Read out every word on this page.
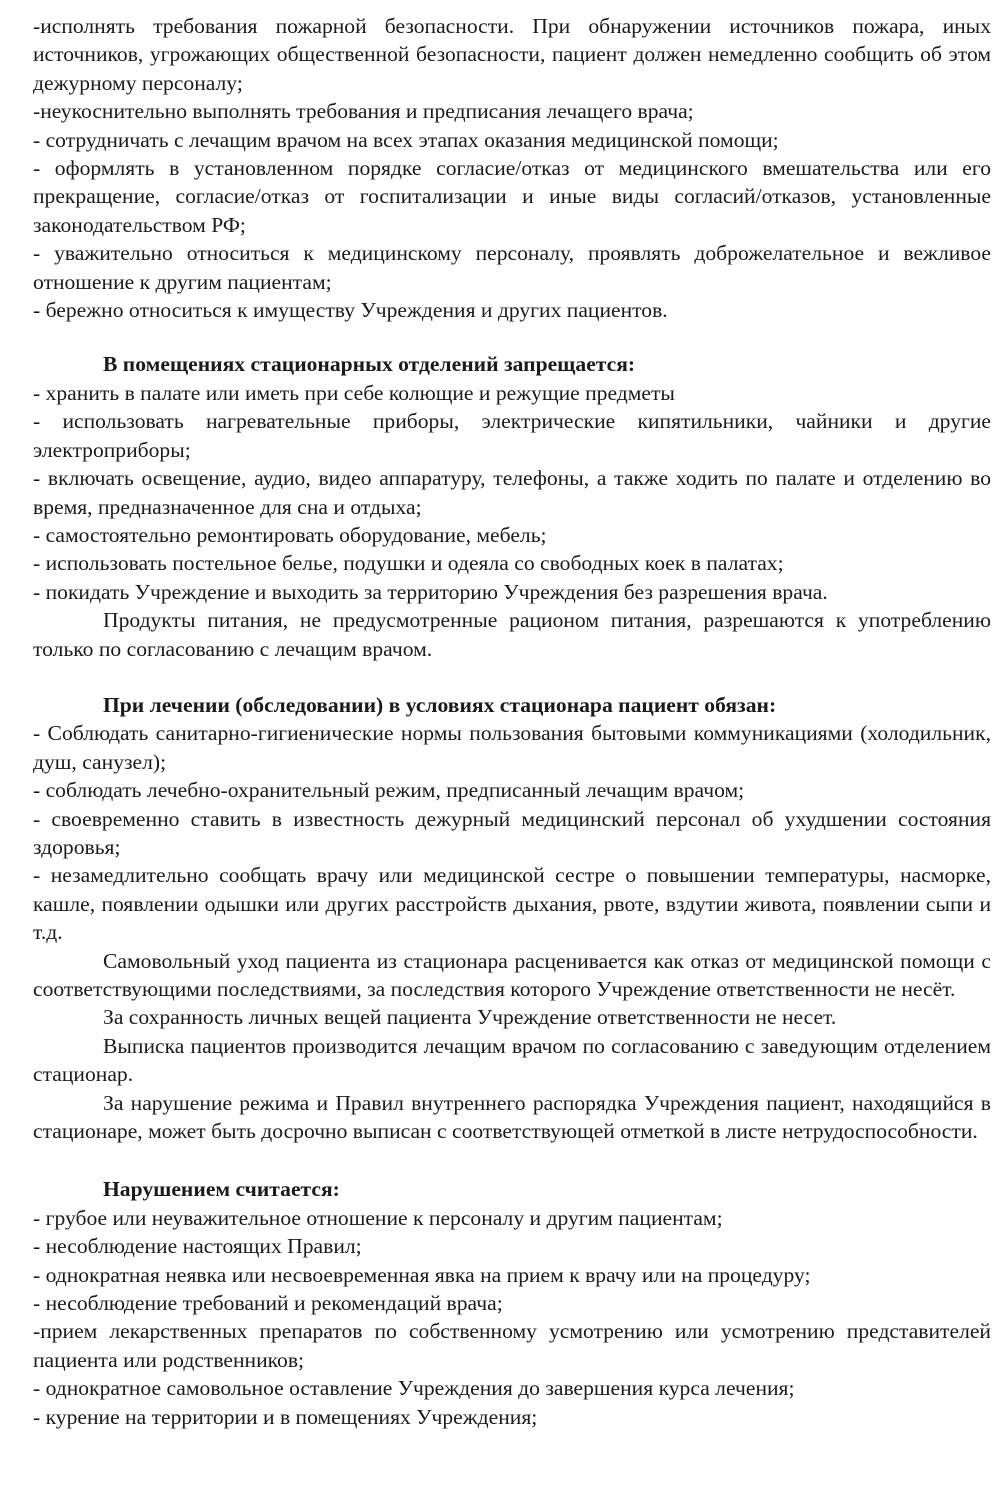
-исполнять требования пожарной безопасности. При обнаружении источников пожара, иных источников, угрожающих общественной безопасности, пациент должен немедленно сообщить об этом дежурному персоналу;

-неукоснительно выполнять требования и предписания лечащего врача;

- сотрудничать с лечащим врачом на всех этапах оказания медицинской помощи;

- оформлять в установленном порядке согласие/отказ от медицинского вмешательства или его прекращение, согласие/отказ от госпитализации и иные виды согласий/отказов, установленные законодательством РФ;

- уважительно относиться к медицинскому персоналу, проявлять доброжелательное и вежливое отношение к другим пациентам;

- бережно относиться к имуществу Учреждения и других пациентов.

В помещениях стационарных отделений запрещается:

- хранить в палате или иметь при себе колющие и режущие предметы

- использовать нагревательные приборы, электрические кипятильники, чайники и другие электроприборы;

- включать освещение, аудио, видео аппаратуру, телефоны, а также ходить по палате и отделению во время, предназначенное для сна и отдыха;

- самостоятельно ремонтировать оборудование, мебель;

- использовать постельное белье, подушки и одеяла со свободных коек в палатах;

- покидать Учреждение и выходить за территорию Учреждения без разрешения врача.

Продукты питания, не предусмотренные рационом питания, разрешаются к употреблению только по согласованию с лечащим врачом.

При лечении (обследовании) в условиях стационара пациент обязан:

- Соблюдать санитарно-гигиенические нормы пользования бытовыми коммуникациями (холодильник, душ, санузел);

- соблюдать лечебно-охранительный режим, предписанный лечащим врачом;

- своевременно ставить в известность дежурный медицинский персонал об ухудшении состояния здоровья;

- незамедлительно сообщать врачу или медицинской сестре о повышении температуры, насморке, кашле, появлении одышки или других расстройств дыхания, рвоте, вздутии живота, появлении сыпи и т.д.

Самовольный уход пациента из стационара расценивается как отказ от медицинской помощи с соответствующими последствиями, за последствия которого Учреждение ответственности не несёт.

За сохранность личных вещей пациента Учреждение ответственности не несет.

Выписка пациентов производится лечащим врачом по согласованию с заведующим отделением стационар.

За нарушение режима и Правил внутреннего распорядка Учреждения пациент, находящийся в стационаре, может быть досрочно выписан с соответствующей отметкой в листе нетрудоспособности.

Нарушением считается:

- грубое или неуважительное отношение к персоналу и другим пациентам;

- несоблюдение настоящих Правил;

- однократная неявка или несвоевременная явка на прием к врачу или на процедуру;

- несоблюдение требований и рекомендаций врача;

-прием лекарственных препаратов по собственному усмотрению или усмотрению представителей пациента или родственников;

- однократное самовольное оставление Учреждения до завершения курса лечения;

- курение на территории и в помещениях Учреждения;
